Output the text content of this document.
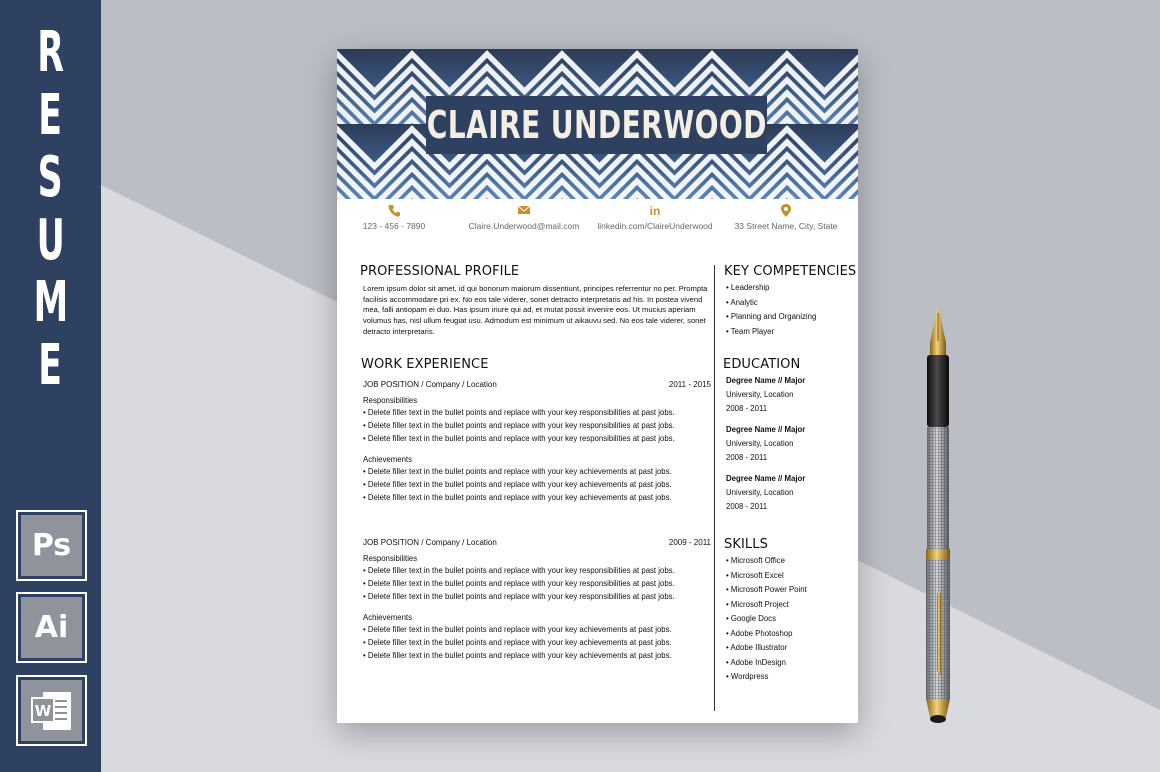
R
E
S
U
M
E
Ps
Ai
W
CLAIRE UNDERWOOD
123 - 456 - 7890	Claire.Underwood@mail.com
in
linkedin.com/ClaireUnderwood	33 Street Name, City, State
PROFESSIONAL PROFILE
Lorem ipsum dolor sit amet, id qui bonorum maiorum dissentiunt, principes referrentur no per. Prompta facilisis accommodare pri ex. No eos tale viderer, sonet detracto interpretaris ad his. In postea vivend mea, falli antiopam ei duo. Has ipsum iriure qui ad, et mutat possit invenire eos. Ut mucius aperiam volumus has, nisl ullum feugiat usu. Admodum est minimum ut aikauvu sed. No eos tale viderer, sonet detracto interpretaris.
WORK EXPERIENCE
JOB POSITION / Company / Location	2011 - 2015
Responsibilities
• Delete filler text in the bullet points and replace with your key responsibilities at past jobs.
• Delete filler text in the bullet points and replace with your key responsibilities at past jobs.
• Delete filler text in the bullet points and replace with your key responsibilities at past jobs.
Achievements
• Delete filler text in the bullet points and replace with your key achievements at past jobs.
• Delete filler text in the bullet points and replace with your key achievements at past jobs.
• Delete filler text in the bullet points and replace with your key achievements at past jobs.
JOB POSITION / Company / Location	2009 - 2011
Responsibilities
• Delete filler text in the bullet points and replace with your key responsibilities at past jobs.
• Delete filler text in the bullet points and replace with your key responsibilities at past jobs.
• Delete filler text in the bullet points and replace with your key responsibilities at past jobs.
Achievements
• Delete filler text in the bullet points and replace with your key achievements at past jobs.
• Delete filler text in the bullet points and replace with your key achievements at past jobs.
• Delete filler text in the bullet points and replace with your key achievements at past jobs.
KEY COMPETENCIES
• Leadership
• Analytic
• Planning and Organizing
• Team Player
EDUCATION
Degree Name // Major
University, Location
2008 - 2011
Degree Name // Major
University, Location
2008 - 2011
Degree Name // Major
University, Location
2008 - 2011
SKILLS
• Microsoft Office
• Microsoft Excel
• Microsoft Power Point
• Microsoft Project
• Google Docs
• Adobe Photoshop
• Adobe Illustrator
• Adobe InDesign
• Wordpress
